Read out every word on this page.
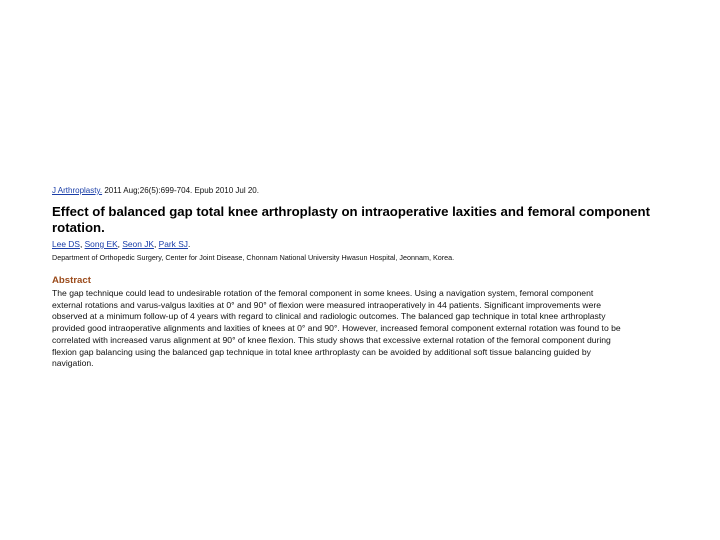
J Arthroplasty. 2011 Aug;26(5):699-704. Epub 2010 Jul 20.
Effect of balanced gap total knee arthroplasty on intraoperative laxities and femoral component rotation.
Lee DS, Song EK, Seon JK, Park SJ.
Department of Orthopedic Surgery, Center for Joint Disease, Chonnam National University Hwasun Hospital, Jeonnam, Korea.
Abstract
The gap technique could lead to undesirable rotation of the femoral component in some knees. Using a navigation system, femoral component
external rotations and varus-valgus laxities at 0° and 90° of flexion were measured intraoperatively in 44 patients. Significant improvements were
observed at a minimum follow-up of 4 years with regard to clinical and radiologic outcomes. The balanced gap technique in total knee arthroplasty
provided good intraoperative alignments and laxities of knees at 0° and 90°. However, increased femoral component external rotation was found to be
correlated with increased varus alignment at 90° of knee flexion. This study shows that excessive external rotation of the femoral component during
flexion gap balancing using the balanced gap technique in total knee arthroplasty can be avoided by additional soft tissue balancing guided by
navigation.
